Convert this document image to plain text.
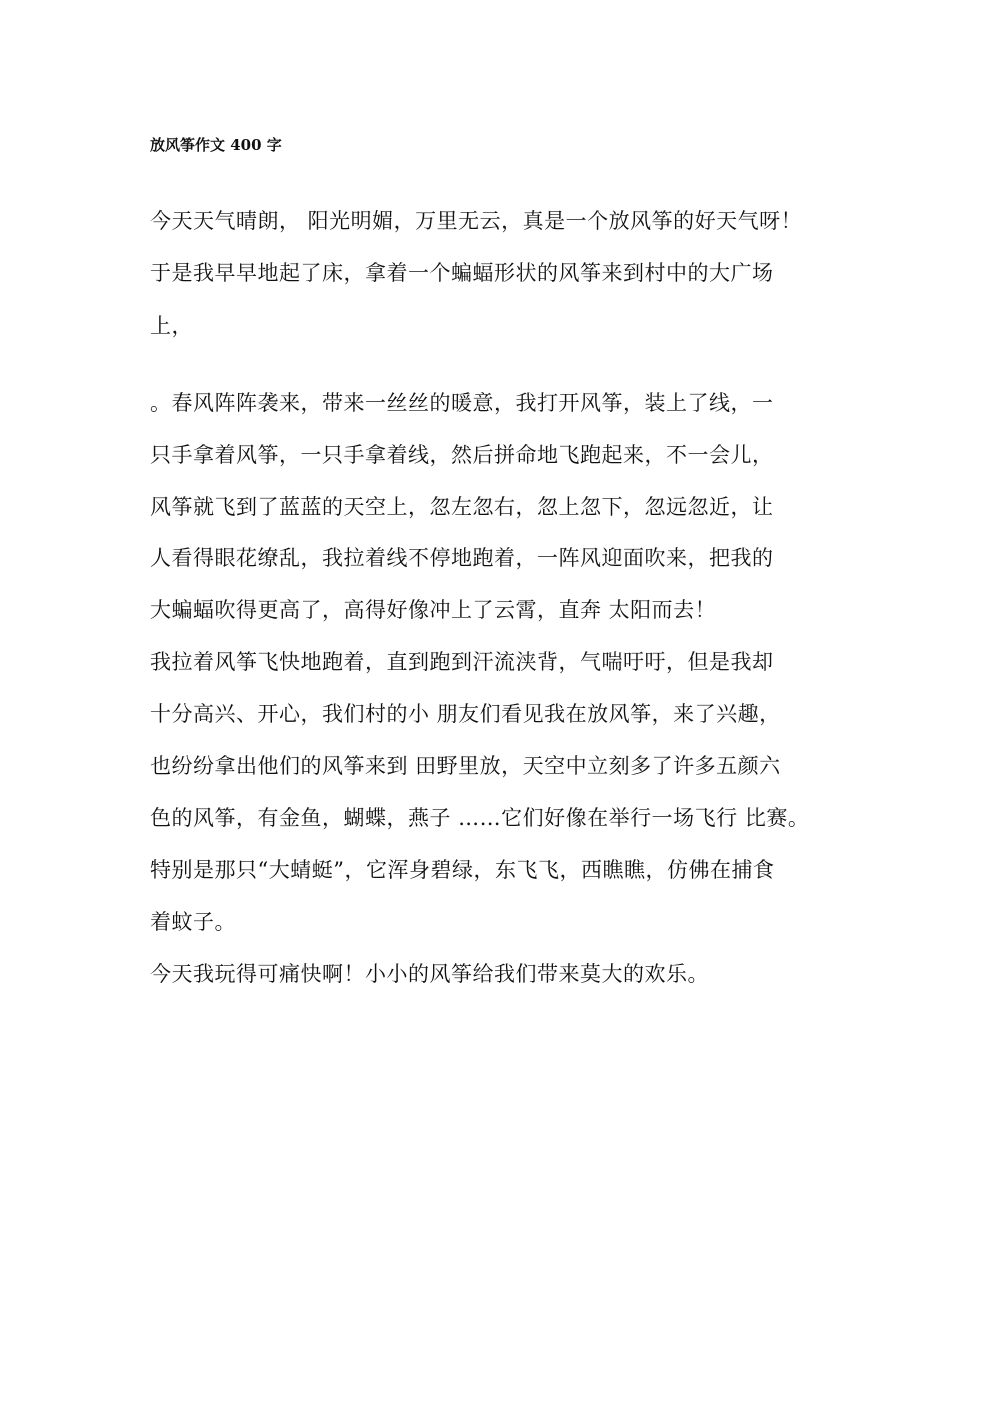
放风筝作文 400 字
今天天气晴朗， 阳光明媚，万里无云，真是一个放风筝的好天气呀！
于是我早早地起了床，拿着一个蝙蝠形状的风筝来到村中的大广场
上，
。春风阵阵袭来，带来一丝丝的暖意，我打开风筝，装上了线，一
只手拿着风筝，一只手拿着线，然后拼命地飞跑起来，不一会儿，
风筝就飞到了蓝蓝的天空上，忽左忽右，忽上忽下，忽远忽近，让
人看得眼花缭乱，我拉着线不停地跑着，一阵风迎面吹来，把我的
大蝙蝠吹得更高了，高得好像冲上了云霄，直奔 太阳而去！
我拉着风筝飞快地跑着，直到跑到汗流浃背，气喘吁吁，但是我却
十分高兴、开心，我们村的小 朋友们看见我在放风筝，来了兴趣，
也纷纷拿出他们的风筝来到 田野里放，天空中立刻多了许多五颜六
色的风筝，有金鱼，蝴蝶，燕子 ……它们好像在举行一场飞行 比赛。
特别是那只“大蜻蜓”，它浑身碧绿，东飞飞，西瞧瞧，仿佛在捕食
着蚊子。
今天我玩得可痛快啊！小小的风筝给我们带来莫大的欢乐。
